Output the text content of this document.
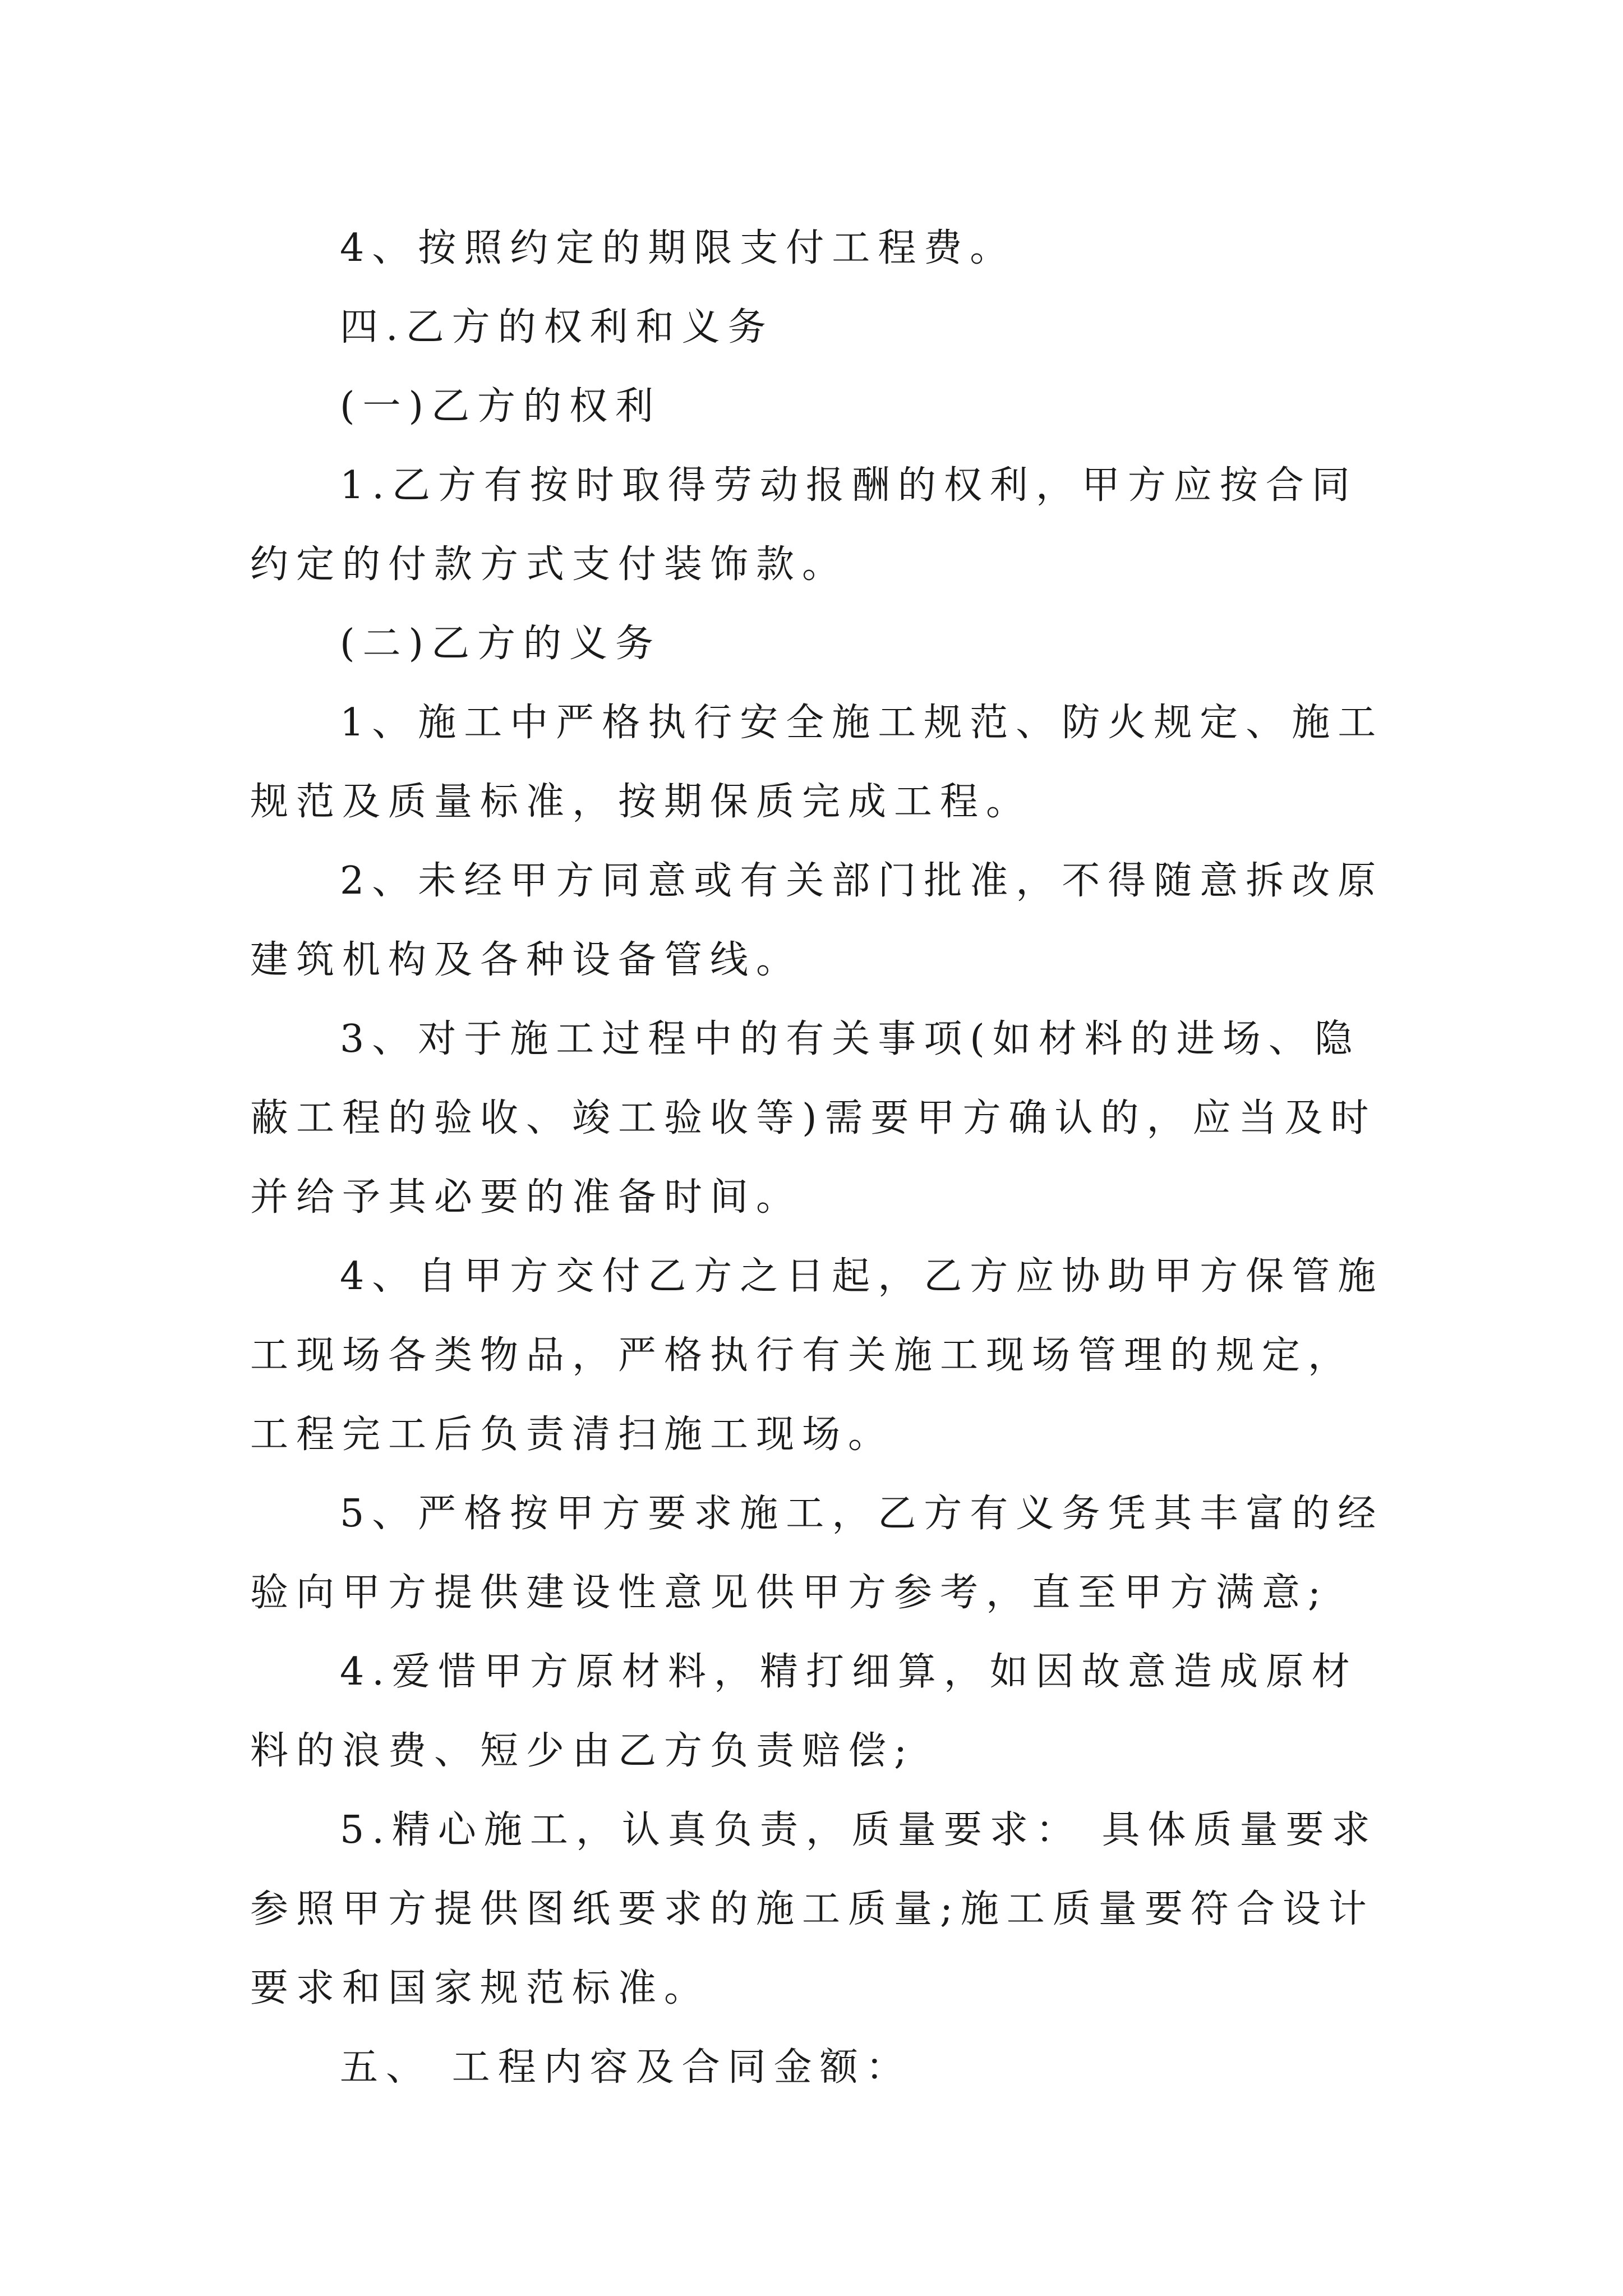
4、按照约定的期限支付工程费。

四.乙方的权利和义务

(一)乙方的权利

1.乙方有按时取得劳动报酬的权利，甲方应按合同约定的付款方式支付装饰款。

(二)乙方的义务

1、施工中严格执行安全施工规范、防火规定、施工规范及质量标准，按期保质完成工程。

2、未经甲方同意或有关部门批准，不得随意拆改原建筑机构及各种设备管线。

3、对于施工过程中的有关事项(如材料的进场、隐蔽工程的验收、竣工验收等)需要甲方确认的，应当及时并给予其必要的准备时间。

4、自甲方交付乙方之日起，乙方应协助甲方保管施工现场各类物品，严格执行有关施工现场管理的规定，工程完工后负责清扫施工现场。

5、严格按甲方要求施工，乙方有义务凭其丰富的经验向甲方提供建设性意见供甲方参考，直至甲方满意;

4.爱惜甲方原材料，精打细算，如因故意造成原材料的浪费、短少由乙方负责赔偿;

5.精心施工，认真负责，质量要求： 具体质量要求参照甲方提供图纸要求的施工质量;施工质量要符合设计要求和国家规范标准。

五、 工程内容及合同金额：
